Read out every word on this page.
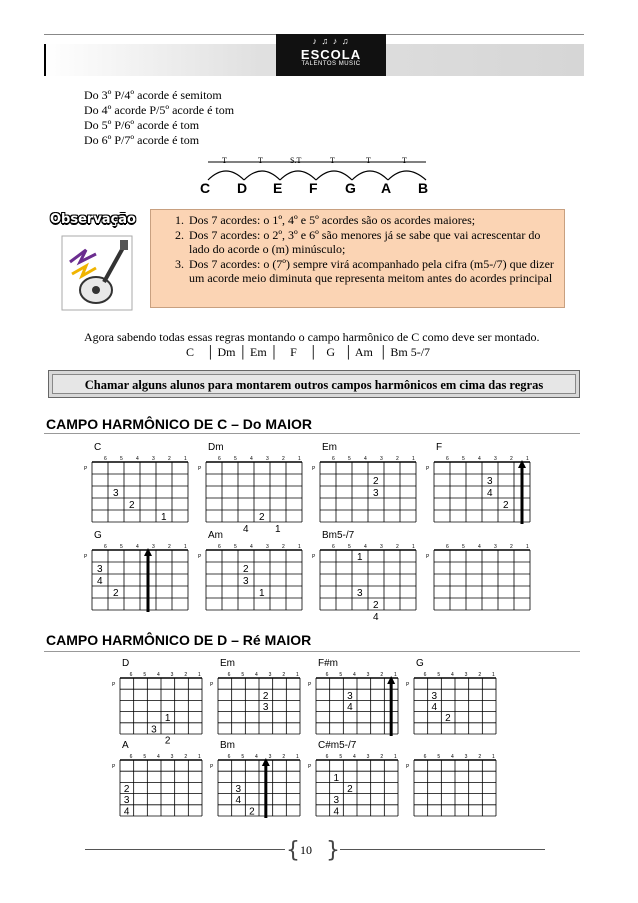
♪ ♫ ♪ ♫
ESCOLA
TALENTOS MUSIC
Do 3º P/4º acorde é semitom
Do 4º acorde P/5º acorde é tom
Do 5º P/6º acorde é tom
Do 6º P/7º acorde é tom
T	T	S.T	T	T	T
C D E F G A B
Observação
1.	Dos 7 acordes: o 1º, 4º e 5º acordes são os acordes maiores;
2. Dos 7 acordes: o 2º, 3º e 6º são menores já se sabe que vai acrescentar do lado do acorde o (m) minúsculo;
3. Dos 7 acordes: o (7º) sempre virá acompanhado pela cifra (m5-/7) que dizer um acorde meio diminuta que representa meitom antes do acordes principal
Agora sabendo todas essas regras montando o campo harmônico de C como deve ser montado.
C    │ Dm │ Em │    F    │   G   │ Am  │ Bm 5-/7
Chamar alguns alunos para montarem outros campos harmônicos em cima das regras
CAMPO HARMÔNICO DE C – Do MAIOR
C
1
2
3
4
5
6
P
3
2
1
Dm
1
2
3
4
5
6
P
4
2
1
Em
1
2
3
4
5
6
P
2
3
F
1
2
3
4
5
6
P
3
4
2
G
1
2
3
4
5
6
P
3
4
2
Am
1
2
3
4
5
6
P
2
3
1
Bm5-/7
1
2
3
4
5
6
P	1
3
2
4
1
2
3
4
5
6
P
CAMPO HARMÔNICO DE D – Ré MAIOR
D
1
2
3
4
5
6
P
1
3
2
Em
1
2
3
4
5
6
P
2
3
F#m
1
2
3
4
5
6
P
3
4
G
1
2
3
4
5
6
P
3
4
2
A
1
2
3
4
5
6
P
2
3
4
Bm
1
2
3
4
5
6
P
3
4
2
C#m5-/7
1
2
3
4
5
6
P
1
3
2
4
1
2
3
4
5
6
P
{ 10 }
